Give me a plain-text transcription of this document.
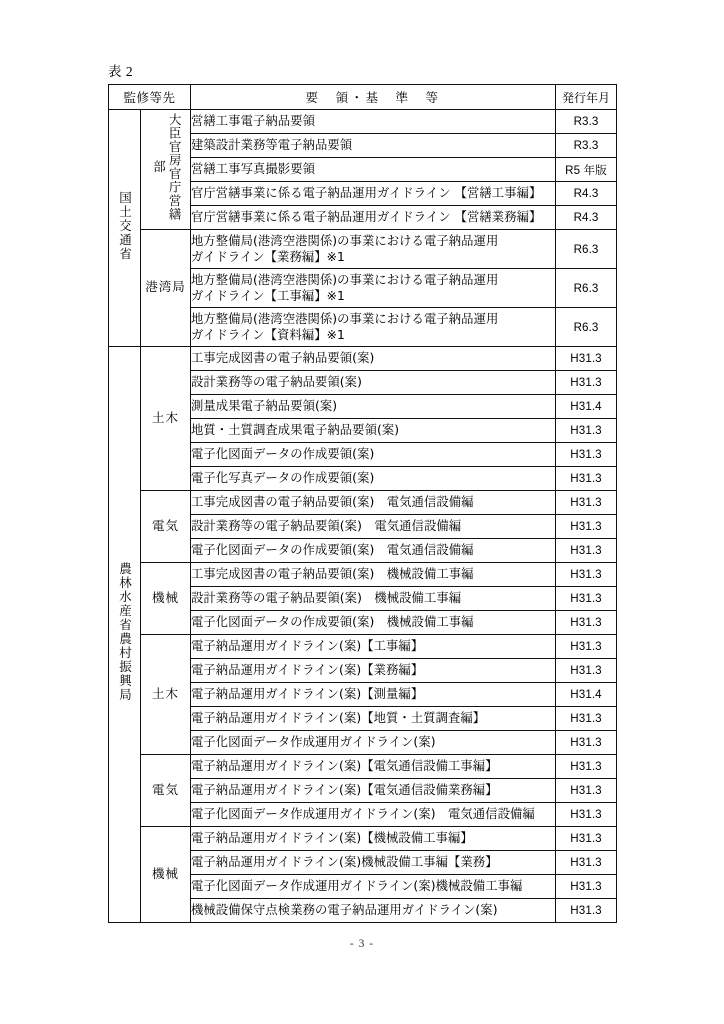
表 2
監修等先		要　領・基　準　等	発行年月
国土交通省	大臣官房官庁営繕部	営繕工事電子納品要領	R3.3
		建築設計業務等電子納品要領	R3.3
		営繕工事写真撮影要領	R5 年版
		官庁営繕事業に係る電子納品運用ガイドライン 【営繕工事編】	R4.3
		官庁営繕事業に係る電子納品運用ガイドライン 【営繕業務編】	R4.3
	港湾局	地方整備局(港湾空港関係)の事業における電子納品運用
ガイドライン【業務編】※1	R6.3

		地方整備局(港湾空港関係)の事業における電子納品運用
ガイドライン【工事編】※1	R6.3

		地方整備局(港湾空港関係)の事業における電子納品運用
ガイドライン【資料編】※1	R6.3
農林水産省農村振興局	土木	工事完成図書の電子納品要領(案)	H31.3
		設計業務等の電子納品要領(案)	H31.3
		測量成果電子納品要領(案)	H31.4
		地質・土質調査成果電子納品要領(案)	H31.3
		電子化図面データの作成要領(案)	H31.3
		電子化写真データの作成要領(案)	H31.3
	電気	工事完成図書の電子納品要領(案)　電気通信設備編	H31.3
		設計業務等の電子納品要領(案)　電気通信設備編	H31.3
		電子化図面データの作成要領(案)　電気通信設備編	H31.3
	機械	工事完成図書の電子納品要領(案)　機械設備工事編	H31.3
		設計業務等の電子納品要領(案)　機械設備工事編	H31.3
		電子化図面データの作成要領(案)　機械設備工事編	H31.3
	土木	電子納品運用ガイドライン(案)【工事編】	H31.3
		電子納品運用ガイドライン(案)【業務編】	H31.3
		電子納品運用ガイドライン(案)【測量編】	H31.4
		電子納品運用ガイドライン(案)【地質・土質調査編】	H31.3
		電子化図面データ作成運用ガイドライン(案)	H31.3
	電気	電子納品運用ガイドライン(案)【電気通信設備工事編】	H31.3
		電子納品運用ガイドライン(案)【電気通信設備業務編】	H31.3
		電子化図面データ作成運用ガイドライン(案)　電気通信設備編	H31.3
	機械	電子納品運用ガイドライン(案)【機械設備工事編】	H31.3
		電子納品運用ガイドライン(案)機械設備工事編【業務】	H31.3
		電子化図面データ作成運用ガイドライン(案)機械設備工事編	H31.3
		機械設備保守点検業務の電子納品運用ガイドライン(案)	H31.3
- 3 -
